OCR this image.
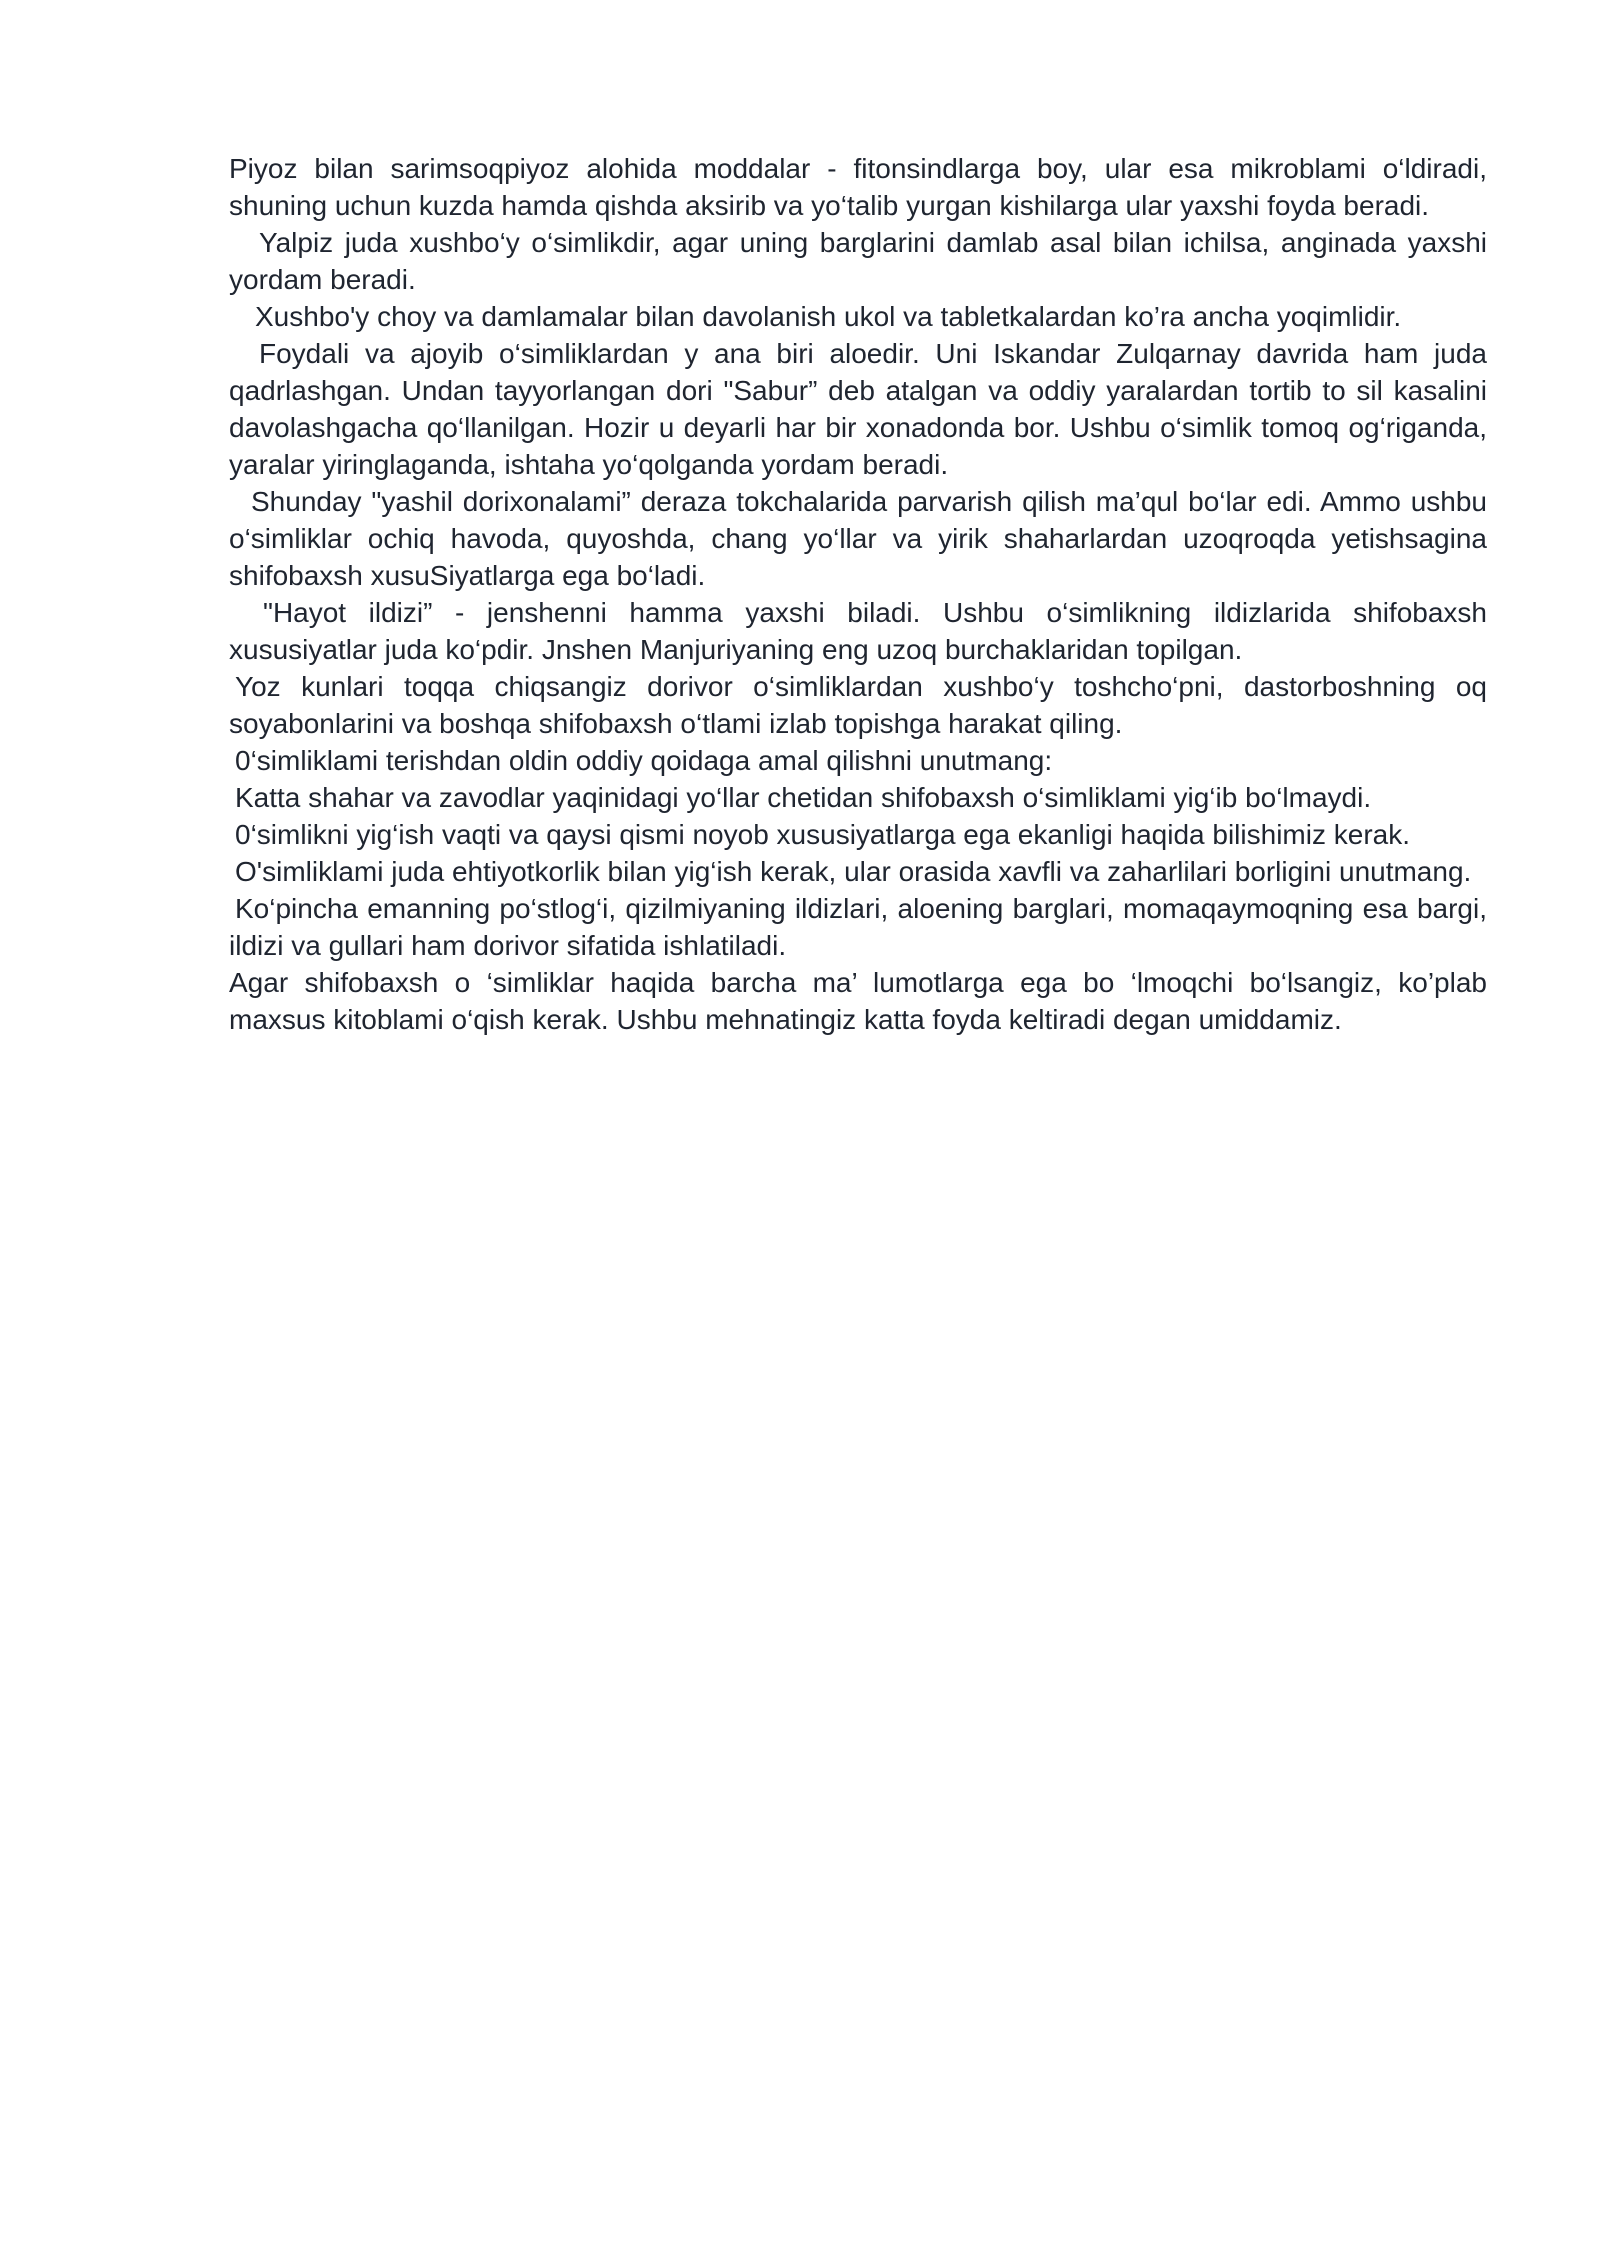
Piyoz bilan sarimsoqpiyoz alohida moddalar - fitonsindlarga boy, ular esa mikroblami o‘ldiradi, shuning uchun kuzda hamda qishda aksirib va yo‘talib yurgan kishilarga ular yaxshi foyda beradi.

Yalpiz juda xushbo‘y o‘simlikdir, agar uning barglarini damlab asal bilan ichilsa, anginada yaxshi yordam beradi.

Xushbo'y choy va damlamalar bilan davolanish ukol va tabletkalardan ko’ra ancha yoqimlidir.

Foydali va ajoyib o‘simliklardan y ana biri aloedir. Uni Iskandar Zulqarnay davrida ham juda qadrlashgan. Undan tayyorlangan dori "Sabur” deb atalgan va oddiy yaralardan tortib to sil kasalini davolashgacha qo‘llanilgan. Hozir u deyarli har bir xonadonda bor. Ushbu o‘simlik tomoq og‘riganda, yaralar yiringlaganda, ishtaha yo‘qolganda yordam beradi.

Shunday "yashil dorixonalami” deraza tokchalarida parvarish qilish ma’qul bo‘lar edi. Ammo ushbu o‘simliklar ochiq havoda, quyoshda, chang yo‘llar va yirik shaharlardan uzoqroqda yetishsagina shifobaxsh xusuSiyatlarga ega bo‘ladi.

"Hayot ildizi” - jenshenni hamma yaxshi biladi. Ushbu o‘simlikning ildizlarida shifobaxsh xususiyatlar juda ko‘pdir. Jnshen Manjuriyaning eng uzoq burchaklaridan topilgan.

Yoz kunlari toqqa chiqsangiz dorivor o‘simliklardan xushbo‘y toshcho‘pni, dastorboshning oq soyabonlarini va boshqa shifobaxsh o‘tlami izlab topishga harakat qiling.

0‘simliklami terishdan oldin oddiy qoidaga amal qilishni unutmang:

Katta shahar va zavodlar yaqinidagi yo‘llar chetidan shifobaxsh o‘simliklami yig‘ib bo‘lmaydi.

0‘simlikni yig‘ish vaqti va qaysi qismi noyob xususiyatlarga ega ekanligi haqida bilishimiz kerak.

O'simliklami juda ehtiyotkorlik bilan yig‘ish kerak, ular orasida xavfli va zaharlilari borligini unutmang.

Ko‘pincha emanning po‘stlog‘i, qizilmiyaning ildizlari, aloening barglari, momaqaymoqning esa bargi, ildizi va gullari ham dorivor sifatida ishlatiladi.

Agar shifobaxsh o ‘simliklar haqida barcha ma’ lumotlarga ega bo ‘lmoqchi bo‘lsangiz, ko’plab maxsus kitoblami o‘qish kerak. Ushbu mehnatingiz katta foyda keltiradi degan umiddamiz.
